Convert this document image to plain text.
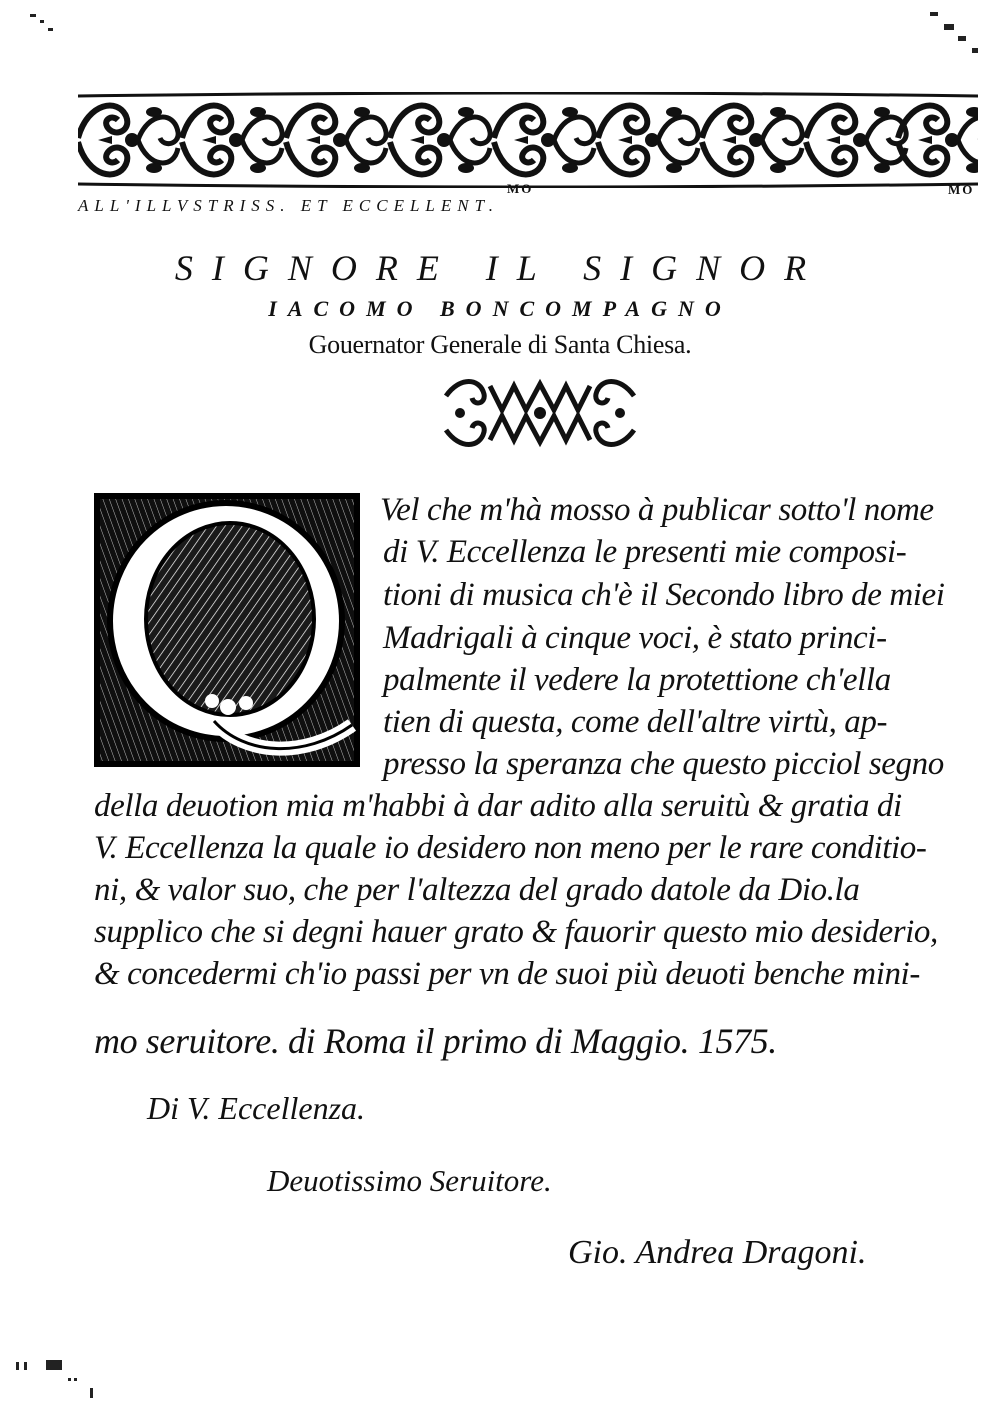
MO	MO
ALL'ILLVSTRISS. ET ECCELLENT.
SIGNORE IL SIGNOR
IACOMO BONCOMPAGNO
Gouernator Generale di Santa Chiesa.
Vel che m'hà mosso à publicar sotto'l nome
di V. Eccellenza le presenti mie composi-
tioni di musica ch'è il Secondo libro de miei
Madrigali à cinque voci, è stato princi-
palmente il vedere la protettione ch'ella
tien di questa, come dell'altre virtù, ap-
presso la speranza che questo picciol segno
della deuotion mia m'habbi à dar adito alla seruitù & gratia di
V. Eccellenza la quale io desidero non meno per le rare conditio-
ni, & valor suo, che per l'altezza del grado datole da Dio.la
supplico che si degni hauer grato & fauorir questo mio desiderio,
& concedermi ch'io passi per vn de suoi più deuoti benche mini-
mo seruitore. di Roma il primo di Maggio. 1575.
Di V. Eccellenza.
Deuotissimo Seruitore.
Gio. Andrea Dragoni.
